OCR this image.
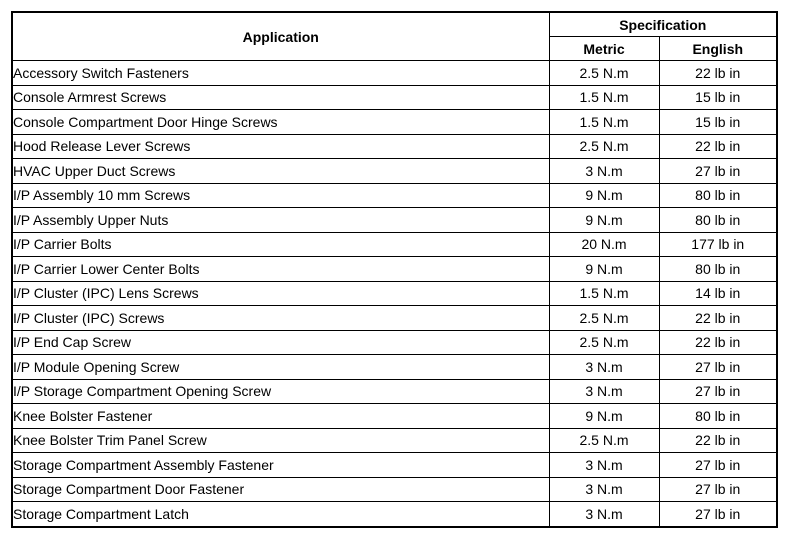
Application	Specification	
	Metric	English
Accessory Switch Fasteners	2.5 N.m	22 lb in
Console Armrest Screws	1.5 N.m	15 lb in
Console Compartment Door Hinge Screws	1.5 N.m	15 lb in
Hood Release Lever Screws	2.5 N.m	22 lb in
HVAC Upper Duct Screws	3 N.m	27 lb in
I/P Assembly 10 mm Screws	9 N.m	80 lb in
I/P Assembly Upper Nuts	9 N.m	80 lb in
I/P Carrier Bolts	20 N.m	177 lb in
I/P Carrier Lower Center Bolts	9 N.m	80 lb in
I/P Cluster (IPC) Lens Screws	1.5 N.m	14 lb in
I/P Cluster (IPC) Screws	2.5 N.m	22 lb in
I/P End Cap Screw	2.5 N.m	22 lb in
I/P Module Opening Screw	3 N.m	27 lb in
I/P Storage Compartment Opening Screw	3 N.m	27 lb in
Knee Bolster Fastener	9 N.m	80 lb in
Knee Bolster Trim Panel Screw	2.5 N.m	22 lb in
Storage Compartment Assembly Fastener	3 N.m	27 lb in
Storage Compartment Door Fastener	3 N.m	27 lb in
Storage Compartment Latch	3 N.m	27 lb in
